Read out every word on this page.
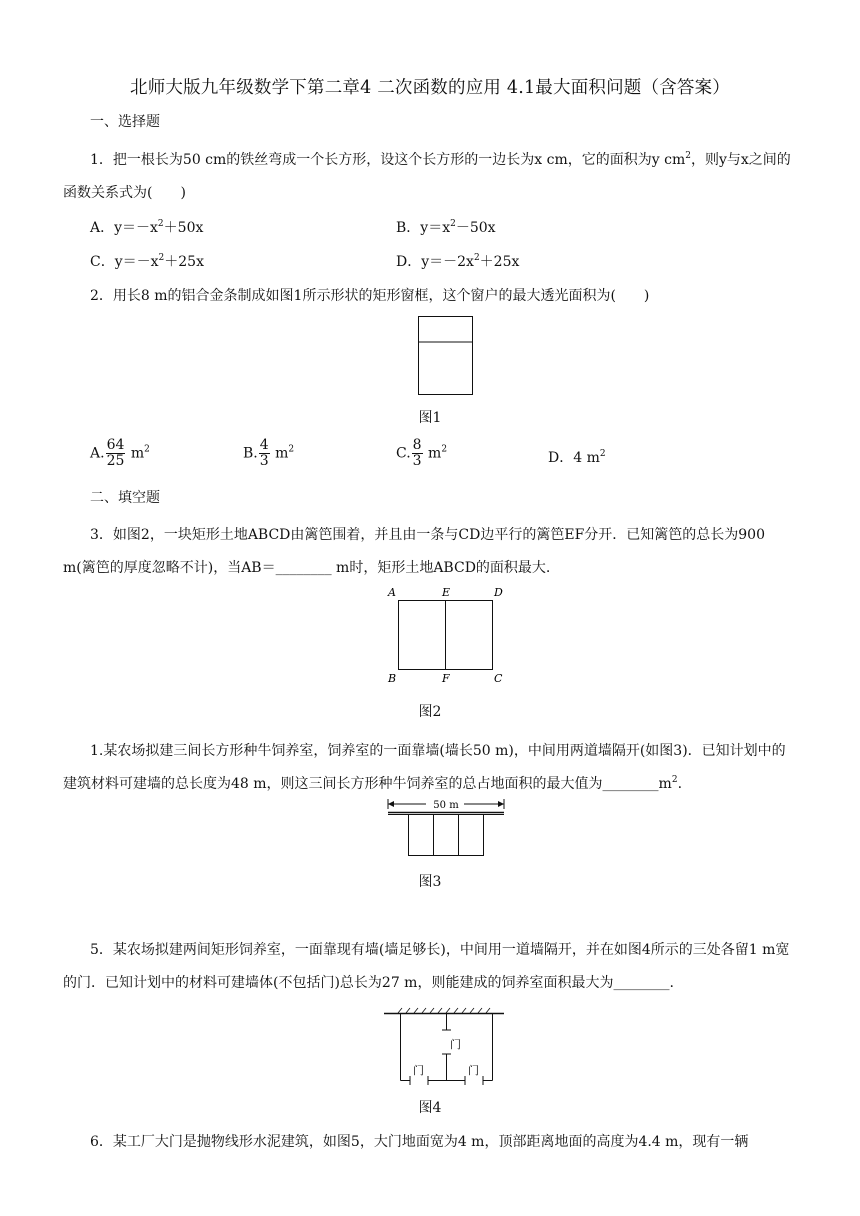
北师大版九年级数学下第二章4 二次函数的应用 4.1最大面积问题（含答案）
一、选择题
1．把一根长为50 cm的铁丝弯成一个长方形，设这个长方形的一边长为x cm，它的面积为y $cm^2$，则y与x之间的函数关系式为(　　)
A．$y=-x^2+50x$	B．$y=x^2-50x$
C．$y=-x^2+25x$	D．$y=-2x^2+25x$
2．用长8 m的铝合金条制成如图1所示形状的矩形窗框，这个窗户的最大透光面积为(　　)
图1
A. $\frac{64}{25} m^2$	B. $\frac{4}{3} m^2$	C. $\frac{8}{3} m^2$
D．4 $m^2$
二、填空题
3．如图2，一块矩形土地ABCD由篱笆围着，并且由一条与CD边平行的篱笆EF分开．已知篱笆的总长为900 m(篱笆的厚度忽略不计)，当AB＝________ m时，矩形土地ABCD的面积最大.
A	E	D
B	F	C
图2
1.某农场拟建三间长方形种牛饲养室，饲养室的一面靠墙(墙长50 m)，中间用两道墙隔开(如图3)．已知计划中的建筑材料可建墙的总长度为48 m，则这三间长方形种牛饲养室的总占地面积的最大值为$\_\_\_\_\_\_\_\_m^2$.
50 m
图3
5．某农场拟建两间矩形饲养室，一面靠现有墙(墙足够长)，中间用一道墙隔开，并在如图4所示的三处各留1 m宽的门．已知计划中的材料可建墙体(不包括门)总长为27 m，则能建成的饲养室面积最大为________.
门
门	门
图4
6．某工厂大门是抛物线形水泥建筑，如图5，大门地面宽为4 m，顶部距离地面的高度为4.4 m，现有一辆
